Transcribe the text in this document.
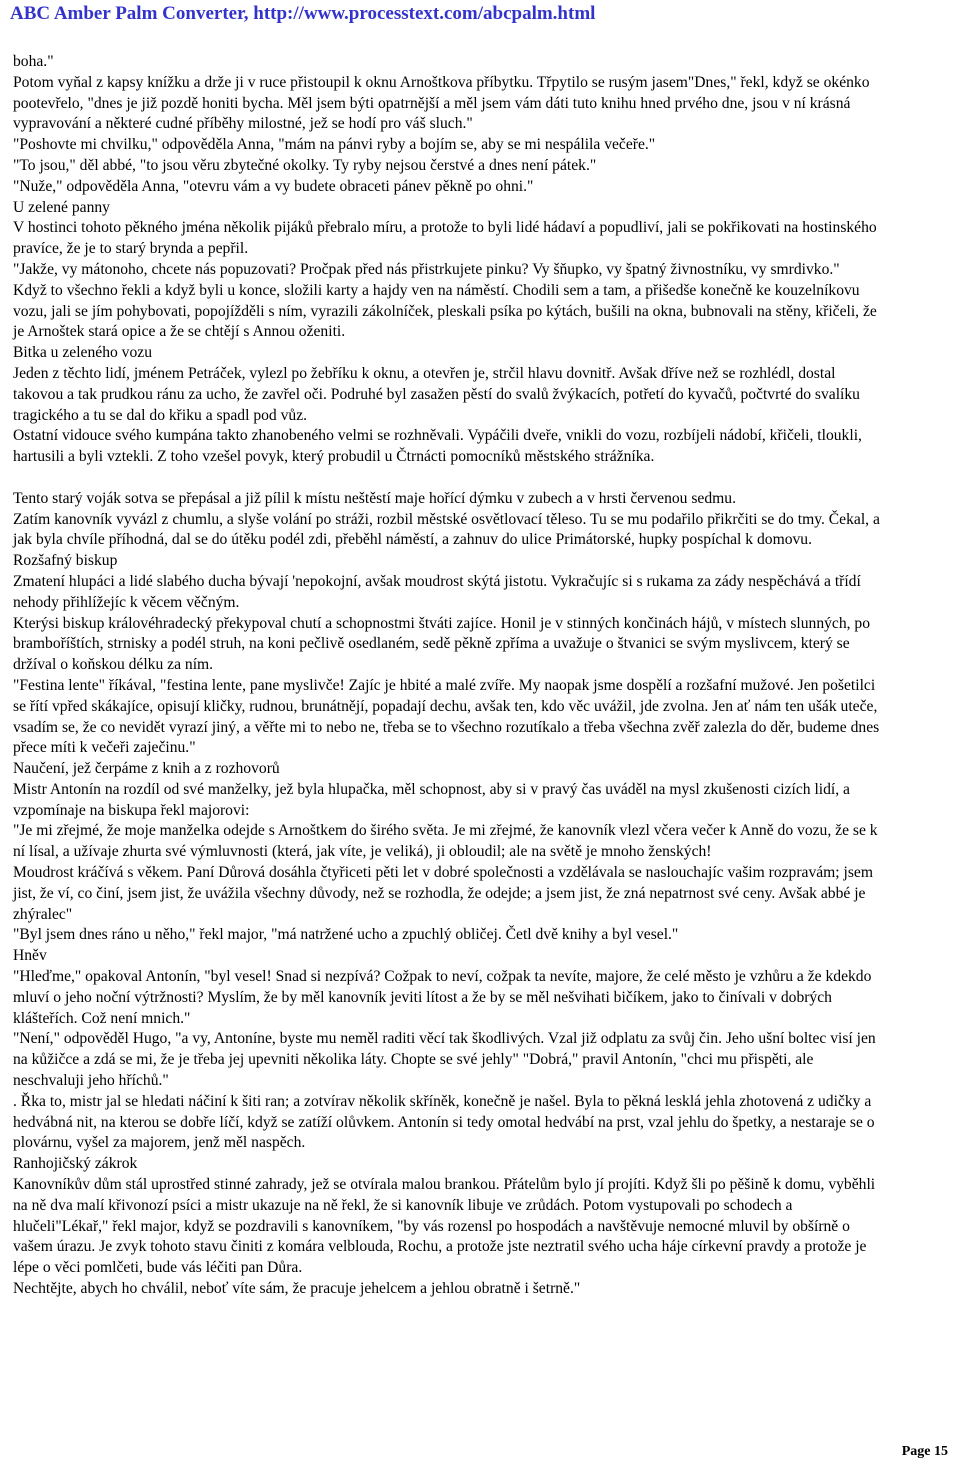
ABC Amber Palm Converter, http://www.processtext.com/abcpalm.html

boha."

Potom vyňal z kapsy knížku a drže ji v ruce přistoupil k oknu Arnoštkova příbytku. Třpytilo se rusým jasem"Dnes," řekl, když se okénko pootevřelo, "dnes je již pozdě honiti bycha. Měl jsem býti opatrnější a měl jsem vám dáti tuto knihu hned prvého dne, jsou v ní krásná vypravování a některé cudné příběhy milostné, jež se hodí pro váš sluch."

"Poshovte mi chvilku," odpověděla Anna, "mám na pánvi ryby a bojím se, aby se mi nespálila večeře."

"To jsou," děl abbé, "to jsou věru zbytečné okolky. Ty ryby nejsou čerstvé a dnes není pátek."

"Nuže," odpověděla Anna, "otevru vám a vy budete obraceti pánev pěkně po ohni."

U zelené panny

V hostinci tohoto pěkného jména několik pijáků přebralo míru, a protože to byli lidé hádaví a popudliví, jali se pokřikovati na hostinského pravíce, že je to starý brynda a pepřil.

"Jakže, vy mátonoho, chcete nás popuzovati? Pročpak před nás přistrkujete pinku? Vy šňupko, vy špatný živnostníku, vy smrdivko."

Když to všechno řekli a když byli u konce, složili karty a hajdy ven na náměstí. Chodili sem a tam, a přišedše konečně ke kouzelníkovu vozu, jali se jím pohybovati, popojížděli s ním, vyrazili zákolníček, pleskali psíka po kýtách, bušili na okna, bubnovali na stěny, křičeli, že je Arnoštek stará opice a že se chtějí s Annou oženiti.

Bitka u zeleného vozu

Jeden z těchto lidí, jménem Petráček, vylezl po žebříku k oknu, a otevřen je, strčil hlavu dovnitř. Avšak dříve než se rozhlédl, dostal takovou a tak prudkou ránu za ucho, že zavřel oči. Podruhé byl zasažen pěstí do svalů žvýkacích, potřetí do kyvačů, počtvrté do svalíku tragického a tu se dal do křiku a spadl pod vůz.

Ostatní vidouce svého kumpána takto zhanobeného velmi se rozhněvali. Vypáčili dveře, vnikli do vozu, rozbíjeli nádobí, křičeli, tloukli, hartusili a byli vztekli. Z toho vzešel povyk, který probudil u Čtrnácti pomocníků městského strážníka.

Tento starý voják sotva se přepásal a již pílil k místu neštěstí maje hořící dýmku v zubech a v hrsti červenou sedmu.

Zatím kanovník vyvázl z chumlu, a slyše volání po stráži, rozbil městské osvětlovací těleso. Tu se mu podařilo přikrčiti se do tmy. Čekal, a jak byla chvíle příhodná, dal se do útěku podél zdi, přeběhl náměstí, a zahnuv do ulice Primátorské, hupky pospíchal k domovu.

Rozšafný biskup

Zmatení hlupáci a lidé slabého ducha bývají 'nepokojní, avšak moudrost skýtá jistotu. Vykračujíc si s rukama za zády nespěchává a třídí nehody přihlížejíc k věcem věčným.

Kterýsi biskup královéhradecký překypoval chutí a schopnostmi štváti zajíce. Honil je v stinných končinách hájů, v místech slunných, po bramboříštích, strnisky a podél struh, na koni pečlivě osedlaném, sedě pěkně zpříma a uvažuje o štvanici se svým myslivcem, který se držíval o koňskou délku za ním.

"Festina lente" říkával, "festina lente, pane myslivče! Zajíc je hbité a malé zvíře. My naopak jsme dospělí a rozšafní mužové. Jen pošetilci se řítí vpřed skákajíce, opisují kličky, rudnou, brunátnějí, popadají dechu, avšak ten, kdo věc uvážil, jde zvolna. Jen ať nám ten ušák uteče, vsadím se, že co nevidět vyrazí jiný, a věřte mi to nebo ne, třeba se to všechno rozutíkalo a třeba všechna zvěř zalezla do děr, budeme dnes přece míti k večeři zaječinu."

Naučení, jež čerpáme z knih a z rozhovorů

Mistr Antonín na rozdíl od své manželky, jež byla hlupačka, měl schopnost, aby si v pravý čas uváděl na mysl zkušenosti cizích lidí, a vzpomínaje na biskupa řekl majorovi:

"Je mi zřejmé, že moje manželka odejde s Arnoštkem do širého světa. Je mi zřejmé, že kanovník vlezl včera večer k Anně do vozu, že se k ní lísal, a užívaje zhurta své výmluvnosti (která, jak víte, je veliká), ji obloudil; ale na světě je mnoho ženských!

Moudrost kráčívá s věkem. Paní Důrová dosáhla čtyřiceti pěti let v dobré společnosti a vzdělávala se naslouchajíc vašim rozpravám; jsem jist, že ví, co činí, jsem jist, že uvážila všechny důvody, než se rozhodla, že odejde; a jsem jist, že zná nepatrnost své ceny. Avšak abbé je zhýralec"

"Byl jsem dnes ráno u něho," řekl major, "má natržené ucho a zpuchlý obličej. Četl dvě knihy a byl vesel."

Hněv

"Hleďme," opakoval Antonín, "byl vesel! Snad si nezpívá? Cožpak to neví, cožpak ta nevíte, majore, že celé město je vzhůru a že kdekdo mluví o jeho noční výtržnosti? Myslím, že by měl kanovník jeviti lítost a že by se měl nešvihati bičíkem, jako to činívali v dobrých klášteřích. Což není mnich."

"Není," odpověděl Hugo, "a vy, Antoníne, byste mu neměl raditi věcí tak škodlivých. Vzal již odplatu za svůj čin. Jeho ušní boltec visí jen na kůžičce a zdá se mi, že je třeba jej upevniti několika láty. Chopte se své jehly" "Dobrá," pravil Antonín, "chci mu přispěti, ale neschvaluji jeho hříchů."

. Řka to, mistr jal se hledati náčiní k šiti ran; a zotvírav několik skříněk, konečně je našel. Byla to pěkná lesklá jehla zhotovená z udičky a hedvábná nit, na kterou se dobře líčí, když se zatíží olůvkem. Antonín si tedy omotal hedvábí na prst, vzal jehlu do špetky, a nestaraje se o plovárnu, vyšel za majorem, jenž měl naspěch.

Ranhojičský zákrok

Kanovníkův dům stál uprostřed stinné zahrady, jež se otvírala malou brankou. Přátelům bylo jí projíti. Když šli po pěšině k domu, vyběhli na ně dva malí křivonozí psíci a mistr ukazuje na ně řekl, že si kanovník libuje ve zrůdách. Potom vystupovali po schodech a hlučeli"Lékař," řekl major, když se pozdravili s kanovníkem, "by vás rozensl po hospodách a navštěvuje nemocné mluvil by obšírně o vašem úrazu. Je zvyk tohoto stavu činiti z komára velblouda, Rochu, a protože jste neztratil svého ucha háje církevní pravdy a protože je lépe o věci pomlčeti, bude vás léčiti pan Důra.

Nechtějte, abych ho chválil, neboť víte sám, že pracuje jehelcem a jehlou obratně i šetrně."

Page 15
